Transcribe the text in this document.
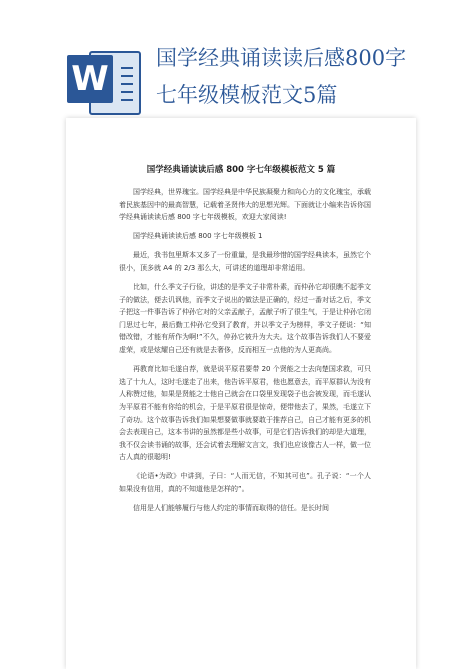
W
国学经典诵读读后感800字
七年级模板范文5篇
国学经典诵读读后感 800 字七年级模板范文 5 篇

国学经典，世界瑰宝。国学经典是中华民族凝聚力和向心力的文化瑰宝，承载着民族基因中的最高智慧，记载着圣贤伟大的思想光辉。下面就让小编来告诉你国学经典诵读读后感 800 字七年级模板，欢迎大家阅读!

国学经典诵读读后感 800 字七年级模板 1

最近，我书包里斯本又多了一份重量，是我最珍惜的国学经典读本，虽然它个很小，顶多就 A4 的 2/3 那么大，可讲述的道理却非常适用。

比如，什么季文子行俭，讲述的是季文子非常朴素，而仲孙它却很瞧不起季文子的做法，便去讥讽他，而季文子说出的做法是正确的，经过一番对话之后，季文子把这一件事告诉了仲孙它对的父亲孟献子，孟献子听了很生气，于是让仲孙它闭门思过七年，最后勤工仲孙它受到了教育，并以季文子为榜样，季文子便说：“知错改错，才能有所作为啊!”不久，仲孙它被升为大夫。这个故事告诉我们人不要爱虚荣，或是炫耀自己还有就是去奢侈，反而相互一点他的为人更高尚。

再教育比如毛遂自荐，就是说平原君要带 20 个贤能之士去向楚国求救，可只选了十九人，这时毛遂走了出来，他告诉平原君，他也愿意去，而平原群认为没有人称赞过他，如果是贤能之士他自己就会在口袋里发现袋子也会被发现，而毛遂认为平原君不能有你给的机会，于是平原君很是惊奇，便带他去了，果然，毛遂立下了奇功。这个故事告诉我们如果想要做事就要敢于推荐自己，自己才能有更多的机会去表现自己，这本书讲的虽然都是些小故事，可是它们告诉我们的却是大道理，我不仅会读书诵的故事，还会试着去理解文言文，我们也应该像古人一样，做一位古人真的很聪明!

《论语•为政》中讲到，子曰：“人而无信，不知其可也”。孔子说：“一个人如果没有信用，真的不知道他是怎样的”。

信用是人们能够履行与他人约定的事情而取得的信任。是长时间
